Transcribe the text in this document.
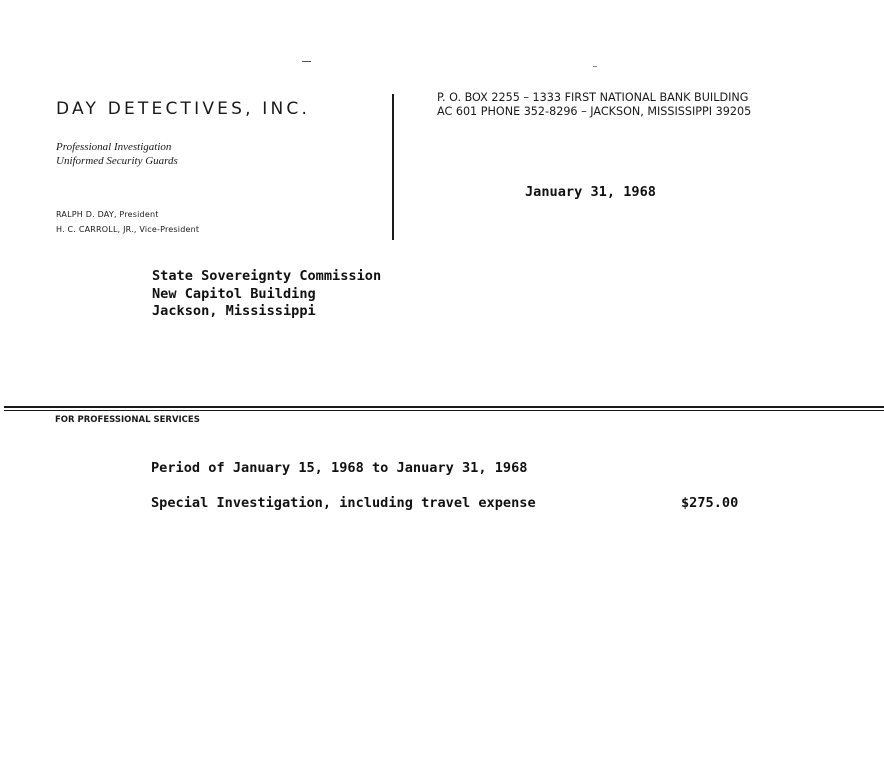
DAY DETECTIVES, INC.
Professional Investigation
Uniformed Security Guards
RALPH D. DAY, President
H. C. CARROLL, JR., Vice-President
P. O. BOX 2255 – 1333 FIRST NATIONAL BANK BUILDING
AC 601 PHONE 352-8296 – JACKSON, MISSISSIPPI 39205
January 31, 1968
State Sovereignty Commission
New Capitol Building
Jackson, Mississippi
FOR PROFESSIONAL SERVICES
Period of January 15, 1968 to January 31, 1968
Special Investigation, including travel expense	$275.00
